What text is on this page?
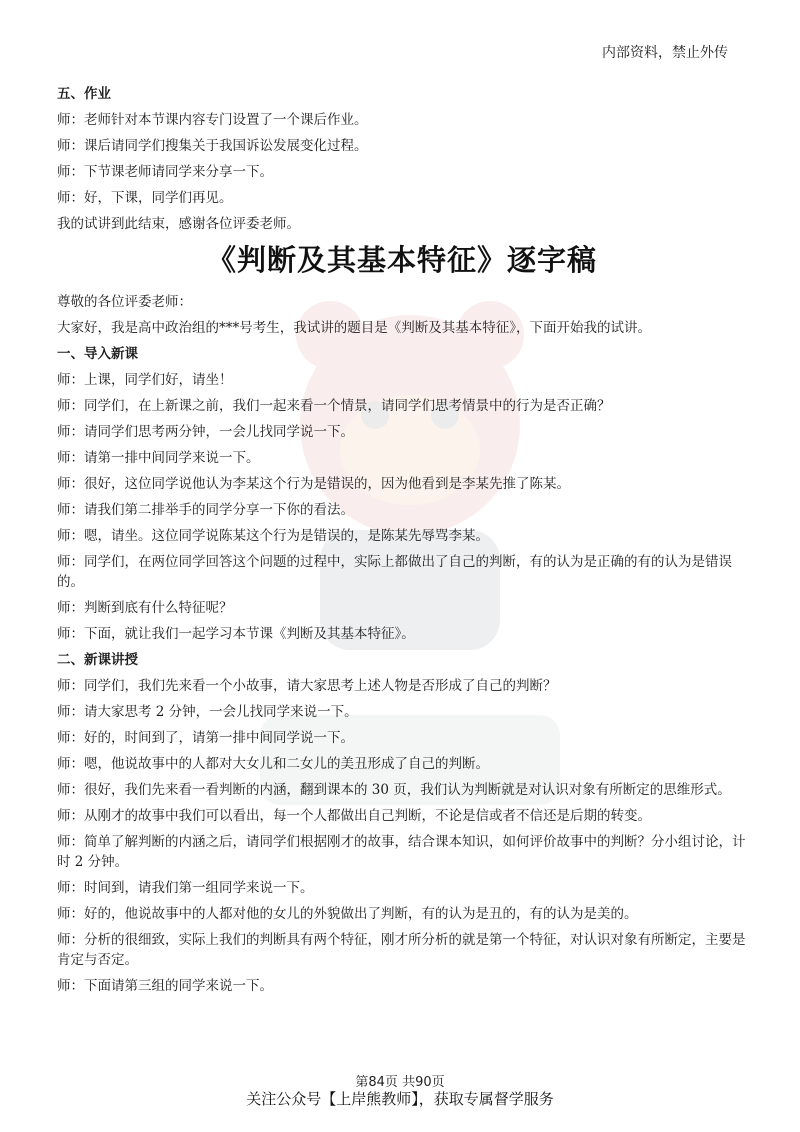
内部资料，禁止外传
五、作业
师：老师针对本节课内容专门设置了一个课后作业。
师：课后请同学们搜集关于我国诉讼发展变化过程。
师：下节课老师请同学来分享一下。
师：好，下课，同学们再见。
我的试讲到此结束，感谢各位评委老师。
《判断及其基本特征》逐字稿
尊敬的各位评委老师：
大家好，我是高中政治组的***号考生，我试讲的题目是《判断及其基本特征》，下面开始我的试讲。
一、导入新课
师：上课，同学们好，请坐！
师：同学们，在上新课之前，我们一起来看一个情景，请同学们思考情景中的行为是否正确？
师：请同学们思考两分钟，一会儿找同学说一下。
师：请第一排中间同学来说一下。
师：很好，这位同学说他认为李某这个行为是错误的，因为他看到是李某先推了陈某。
师：请我们第二排举手的同学分享一下你的看法。
师：嗯，请坐。这位同学说陈某这个行为是错误的，是陈某先辱骂李某。
师：同学们，在两位同学回答这个问题的过程中，实际上都做出了自己的判断，有的认为是正确的有的认为是错误的。
师：判断到底有什么特征呢？
师：下面，就让我们一起学习本节课《判断及其基本特征》。
二、新课讲授
师：同学们，我们先来看一个小故事，请大家思考上述人物是否形成了自己的判断？
师：请大家思考 2 分钟，一会儿找同学来说一下。
师：好的，时间到了，请第一排中间同学说一下。
师：嗯，他说故事中的人都对大女儿和二女儿的美丑形成了自己的判断。
师：很好，我们先来看一看判断的内涵，翻到课本的 30 页，我们认为判断就是对认识对象有所断定的思维形式。
师：从刚才的故事中我们可以看出，每一个人都做出自己判断，不论是信或者不信还是后期的转变。
师：简单了解判断的内涵之后，请同学们根据刚才的故事，结合课本知识，如何评价故事中的判断？分小组讨论，计时 2 分钟。
师：时间到，请我们第一组同学来说一下。
师：好的，他说故事中的人都对他的女儿的外貌做出了判断，有的认为是丑的，有的认为是美的。
师：分析的很细致，实际上我们的判断具有两个特征，刚才所分析的就是第一个特征，对认识对象有所断定，主要是肯定与否定。
师：下面请第三组的同学来说一下。
第84页 共90页
关注公众号【上岸熊教师】，获取专属督学服务
